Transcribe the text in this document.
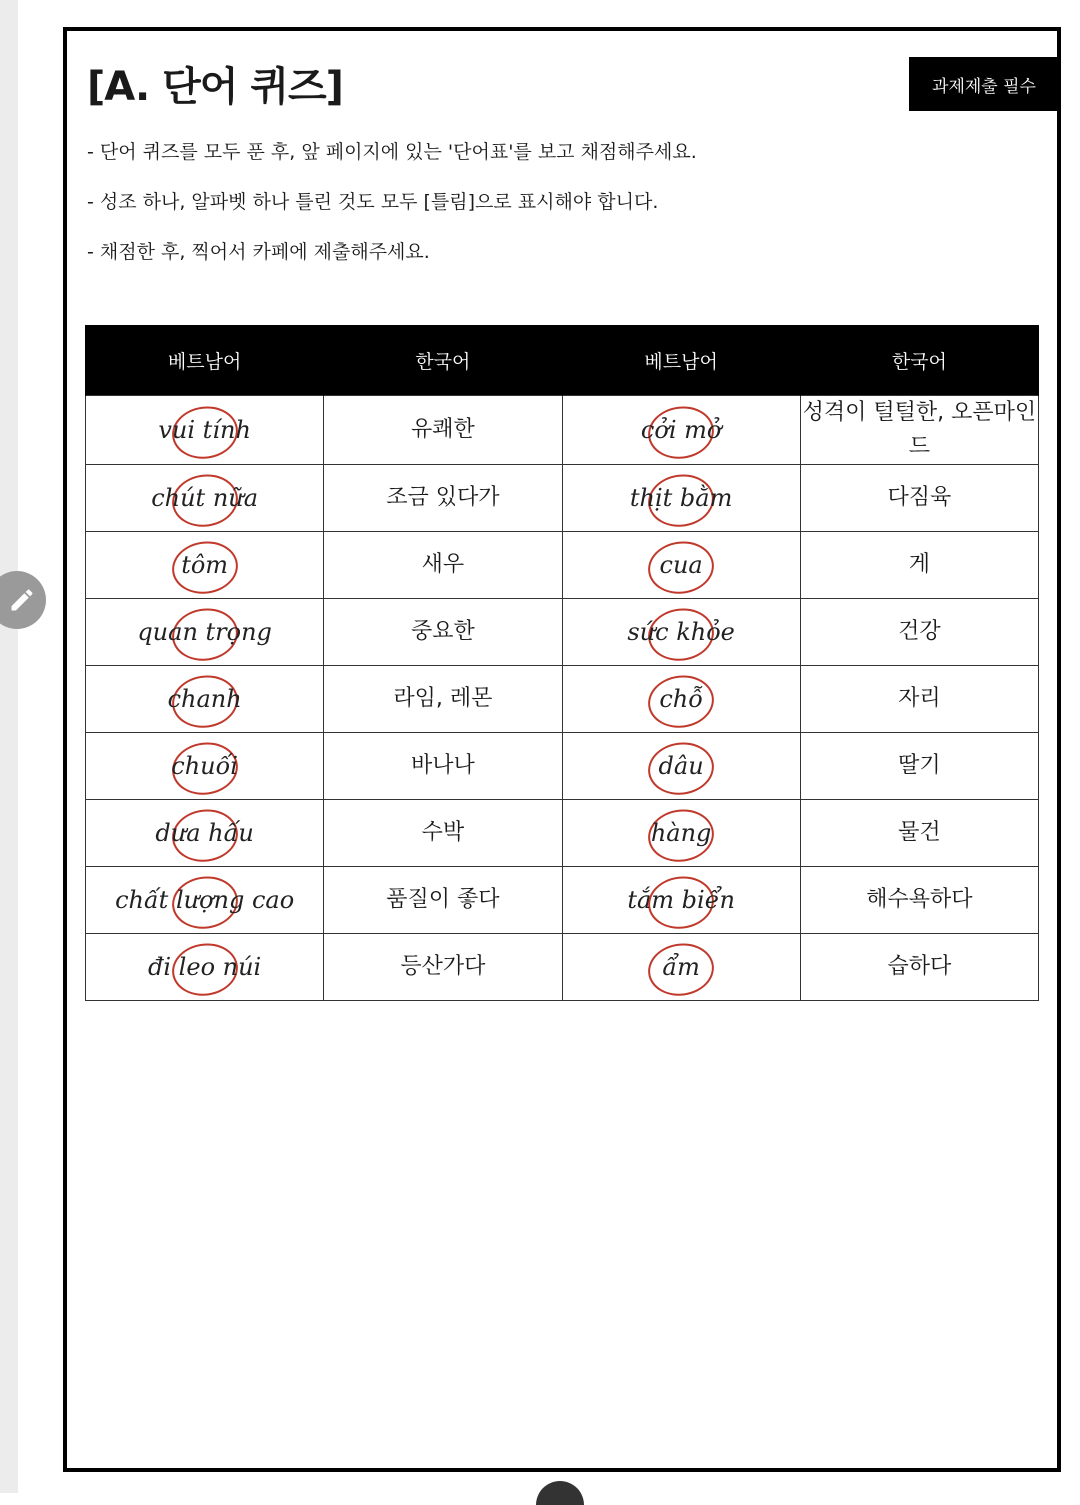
[A. 단어 퀴즈]	과제제출 필수
- 단어 퀴즈를 모두 푼 후, 앞 페이지에 있는 '단어표'를 보고 채점해주세요.
- 성조 하나, 알파벳 하나 틀린 것도 모두 [틀림]으로 표시해야 합니다.
- 채점한 후, 찍어서 카페에 제출해주세요.
베트남어	한국어	베트남어	한국어
vui tính	유쾌한	cởi mở	성격이 털털한, 오픈마인드
chút nữa	조금 있다가	thịt bằm	다짐육
tôm	새우	cua	게
quan trọng	중요한	sức khỏe	건강
chanh	라임, 레몬	chỗ	자리
chuối	바나나	dâu	딸기
dưa hấu	수박	hàng	물건
chất lượng cao	품질이 좋다	tắm biển	해수욕하다
đi leo núi	등산가다	ẩm	습하다
